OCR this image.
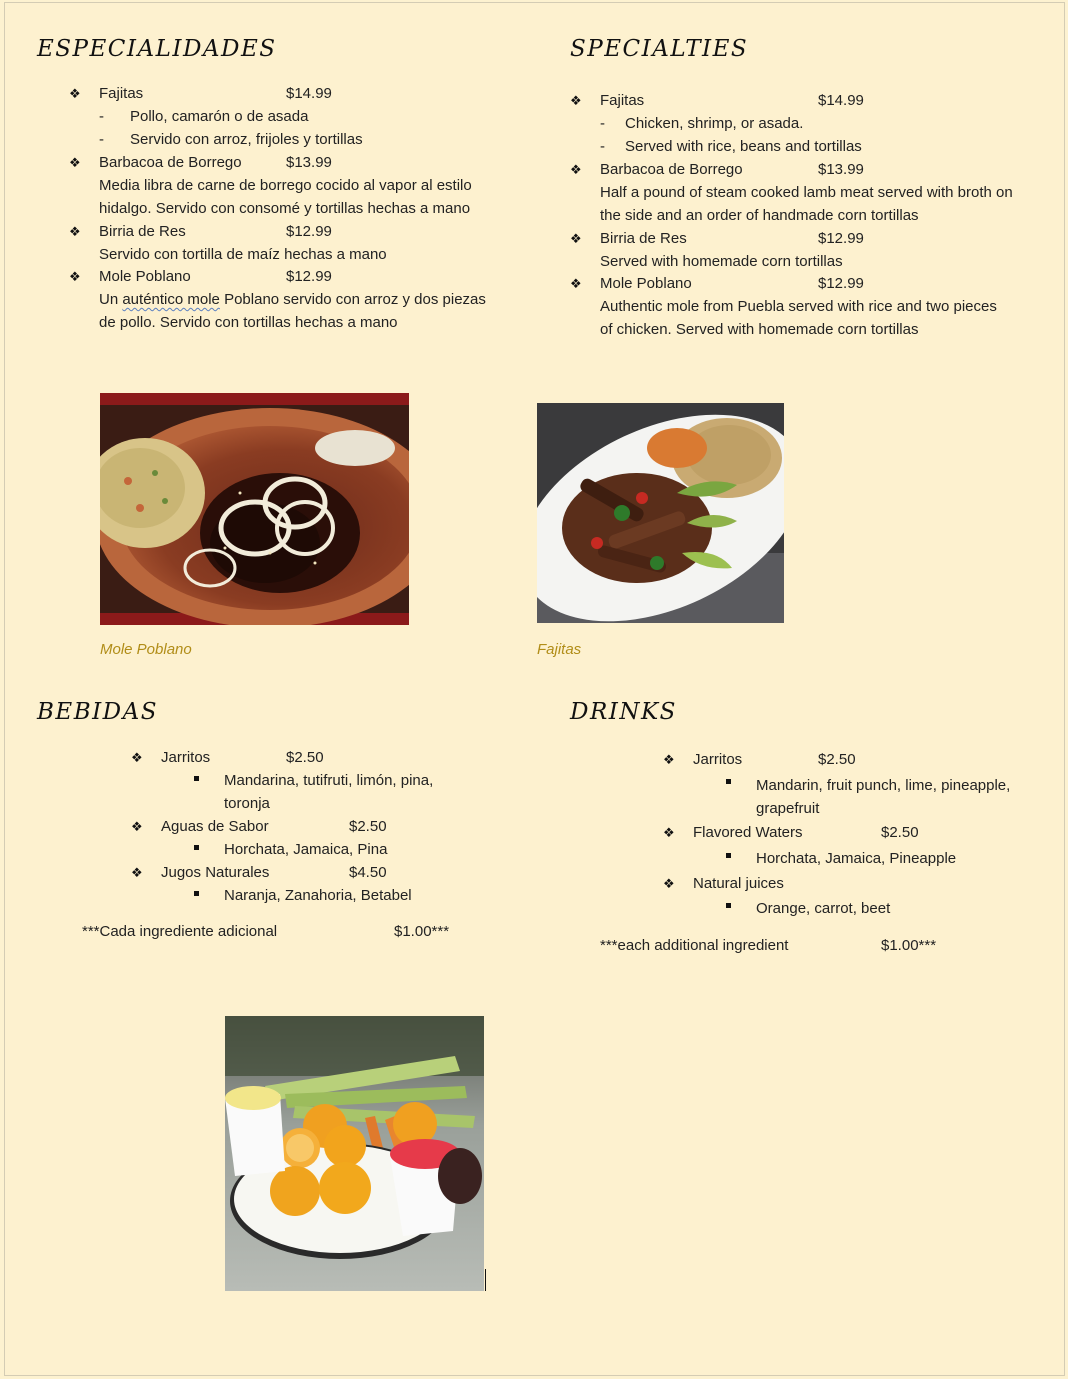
ESPECIALIDADES
❖ Fajitas	$14.99
- Pollo, camarón o de asada
- Servido con arroz, frijoles y tortillas
❖ Barbacoa de Borrego	$13.99
Media libra de carne de borrego cocido al vapor al estilo
hidalgo. Servido con consomé y tortillas hechas a mano
❖ Birria de Res	$12.99
Servido con tortilla de maíz hechas a mano
❖ Mole Poblano	$12.99
Un auténtico mole Poblano servido con arroz y dos piezas
de pollo. Servido con tortillas hechas a mano
SPECIALTIES
❖ Fajitas	$14.99
- Chicken, shrimp, or asada.
- Served with rice, beans and tortillas
❖ Barbacoa de Borrego	$13.99
Half a pound of steam cooked lamb meat served with broth on
the side and an order of handmade corn tortillas
❖ Birria de Res	$12.99
Served with homemade corn tortillas
❖ Mole Poblano	$12.99
Authentic mole from Puebla served with rice and two pieces
of chicken. Served with homemade corn tortillas
Mole Poblano	Fajitas
BEBIDAS
❖ Jarritos	$2.50
Mandarina, tutifruti, limón, pina,
toronja
❖ Aguas de Sabor	$2.50
Horchata, Jamaica, Pina
❖ Jugos Naturales	$4.50
Naranja, Zanahoria, Betabel
***Cada ingrediente adicional	$1.00***
DRINKS
❖ Jarritos	$2.50
Mandarin, fruit punch, lime, pineapple,
grapefruit
❖ Flavored Waters	$2.50
Horchata, Jamaica, Pineapple
❖ Natural juices
Orange, carrot, beet
***each additional ingredient	$1.00***
